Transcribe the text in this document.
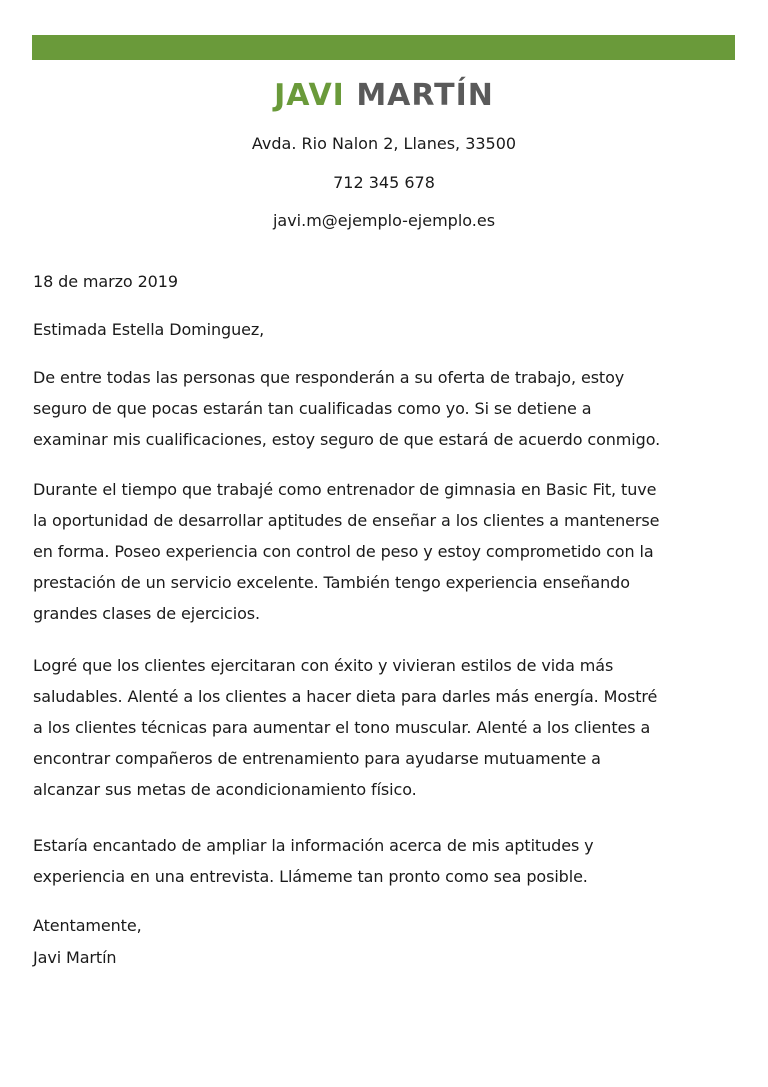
JAVI MARTÍN
Avda. Rio Nalon 2, Llanes, 33500
712 345 678
javi.m@ejemplo-ejemplo.es
18 de marzo 2019
Estimada Estella Dominguez,
De entre todas las personas que responderán a su oferta de trabajo, estoy
seguro de que pocas estarán tan cualificadas como yo. Si se detiene a
examinar mis cualificaciones, estoy seguro de que estará de acuerdo conmigo.
Durante el tiempo que trabajé como entrenador de gimnasia en Basic Fit, tuve
la oportunidad de desarrollar aptitudes de enseñar a los clientes a mantenerse
en forma. Poseo experiencia con control de peso y estoy comprometido con la
prestación de un servicio excelente. También tengo experiencia enseñando
grandes clases de ejercicios.
Logré que los clientes ejercitaran con éxito y vivieran estilos de vida más
saludables. Alenté a los clientes a hacer dieta para darles más energía. Mostré
a los clientes técnicas para aumentar el tono muscular. Alenté a los clientes a
encontrar compañeros de entrenamiento para ayudarse mutuamente a
alcanzar sus metas de acondicionamiento físico.
Estaría encantado de ampliar la información acerca de mis aptitudes y
experiencia en una entrevista. Llámeme tan pronto como sea posible.
Atentamente,
Javi Martín
